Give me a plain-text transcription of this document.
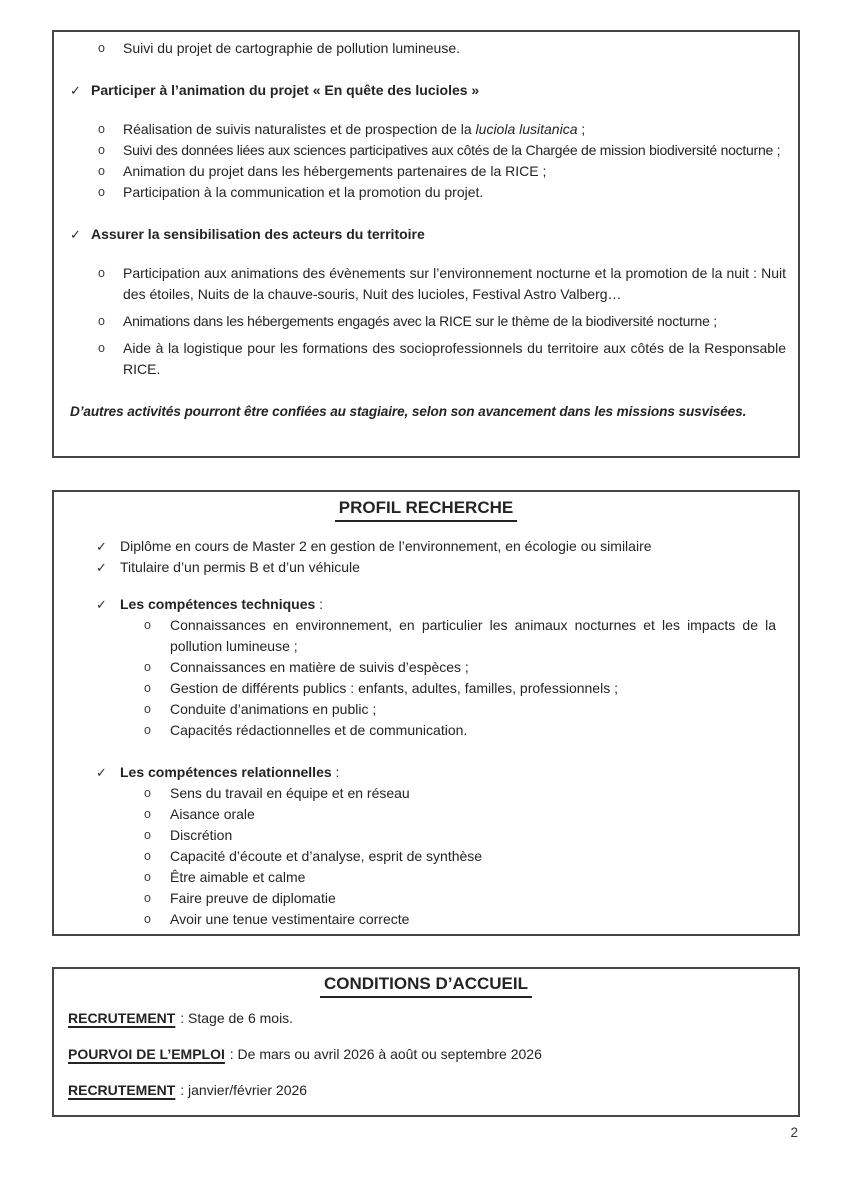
o	Suivi du projet de cartographie de pollution lumineuse.
✓ Participer à l’animation du projet « En quête des lucioles »
o	Réalisation de suivis naturalistes et de prospection de la luciola lusitanica ;
o	Suivi des données liées aux sciences participatives aux côtés de la Chargée de mission biodiversité nocturne ;
o	Animation du projet dans les hébergements partenaires de la RICE ;
o	Participation à la communication et la promotion du projet.
✓ Assurer la sensibilisation des acteurs du territoire
o	Participation aux animations des évènements sur l’environnement nocturne et la promotion de la nuit : Nuit des étoiles, Nuits de la chauve-souris, Nuit des lucioles, Festival Astro Valberg…
o	Animations dans les hébergements engagés avec la RICE sur le thème de la biodiversité nocturne ;
o	Aide à la logistique pour les formations des socioprofessionnels du territoire aux côtés de la Responsable RICE.

D’autres activités pourront être confiées au stagiaire, selon son avancement dans les missions susvisées.

PROFIL RECHERCHE
✓ Diplôme en cours de Master 2 en gestion de l’environnement, en écologie ou similaire
✓ Titulaire d’un permis B et d’un véhicule
✓ Les compétences techniques :
o	Connaissances en environnement, en particulier les animaux nocturnes et les impacts de la pollution lumineuse ;
o	Connaissances en matière de suivis d’espèces ;
o	Gestion de différents publics : enfants, adultes, familles, professionnels ;
o	Conduite d’animations en public ;
o	Capacités rédactionnelles et de communication.
✓ Les compétences relationnelles :
o	Sens du travail en équipe et en réseau
o	Aisance orale
o	Discrétion
o	Capacité d’écoute et d’analyse, esprit de synthèse
o	Être aimable et calme
o	Faire preuve de diplomatie
o	Avoir une tenue vestimentaire correcte
CONDITIONS D’ACCUEIL
RECRUTEMENT : Stage de 6 mois.
POURVOI DE L’EMPLOI : De mars ou avril 2026 à août ou septembre 2026
RECRUTEMENT : janvier/février 2026
2
